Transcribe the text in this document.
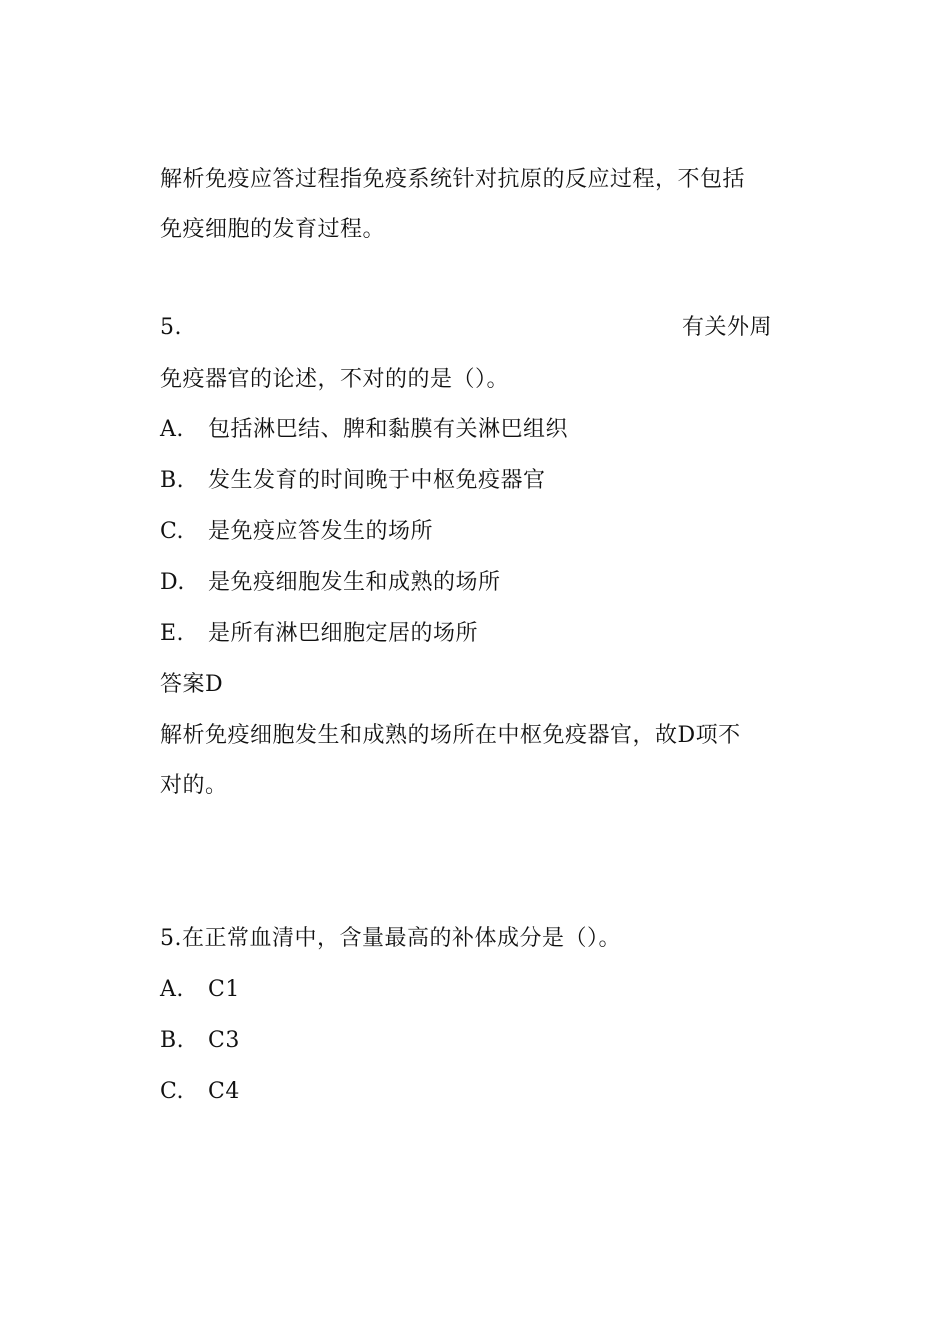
解析免疫应答过程指免疫系统针对抗原的反应过程，不包括
免疫细胞的发育过程。
5.	有关外周
免疫器官的论述，不对的的是（）。
A. 包括淋巴结、脾和黏膜有关淋巴组织
B. 发生发育的时间晚于中枢免疫器官
C. 是免疫应答发生的场所
D. 是免疫细胞发生和成熟的场所
E. 是所有淋巴细胞定居的场所
答案D
解析免疫细胞发生和成熟的场所在中枢免疫器官，故D项不
对的。
5.在正常血清中，含量最高的补体成分是（）。
A. C1
B. C3
C. C4
